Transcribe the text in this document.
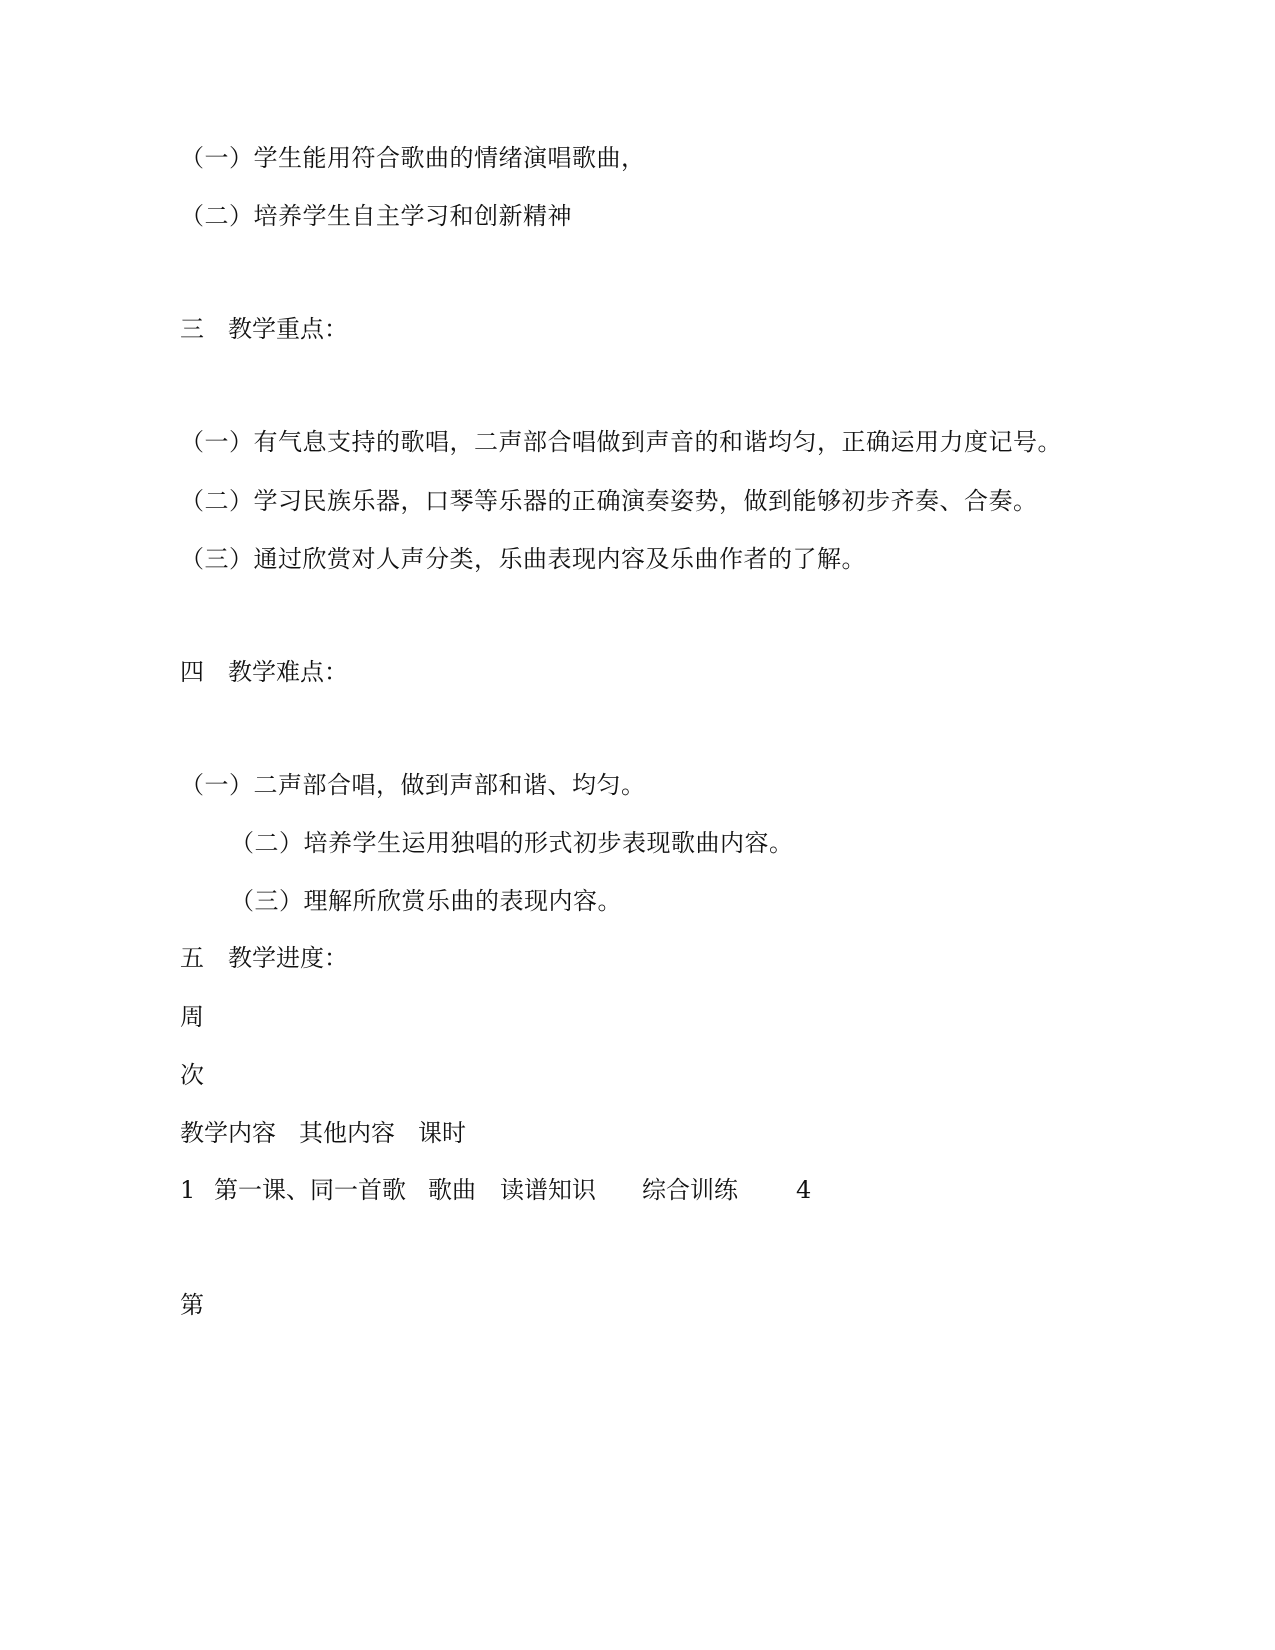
（一）学生能用符合歌曲的情绪演唱歌曲，
（二）培养学生自主学习和创新精神

三

教学重点：

（一）有气息支持的歌唱，二声部合唱做到声音的和谐均匀，正确运用力度记号。
（二）学习民族乐器，口琴等乐器的正确演奏姿势，做到能够初步齐奏、合奏。
（三）通过欣赏对人声分类，乐曲表现内容及乐曲作者的了解。

四

教学难点：

（一）二声部合唱，做到声部和谐、均匀。
（二）培养学生运用独唱的形式初步表现歌曲内容。
（三）理解所欣赏乐曲的表现内容。

五

教学进度：

周
次

教学内容

其他内容

课时

1

第一课、同一首歌

歌曲

读谱知识

综合训练

4

第
